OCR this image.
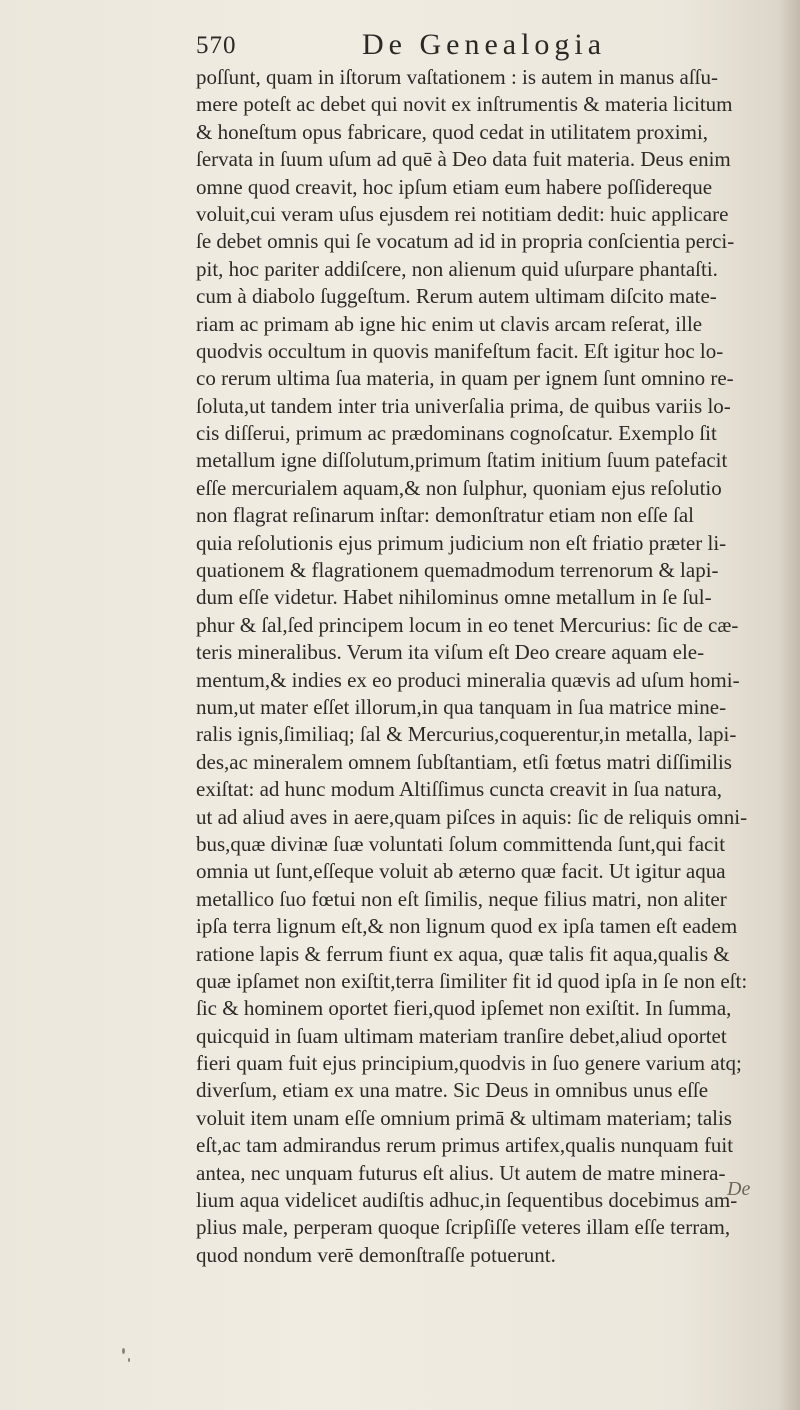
570	De Genealogia
poſſunt, quam in iſtorum vaſtationem : is autem in manus aſſu-
mere poteſt ac debet qui novit ex inſtrumentis & materia licitum
& honeſtum opus fabricare, quod cedat in utilitatem proximi,
ſervata in ſuum uſum ad quē à Deo data fuit materia. Deus enim
omne quod creavit, hoc ipſum etiam eum habere poſſidereque
voluit,cui veram uſus ejusdem rei notitiam dedit: huic applicare
ſe debet omnis qui ſe vocatum ad id in propria conſcientia perci-
pit, hoc pariter addiſcere, non alienum quid uſurpare phantaſti.
cum à diabolo ſuggeſtum. Rerum autem ultimam diſcito mate-
riam ac primam ab igne hic enim ut clavis arcam reſerat, ille
quodvis occultum in quovis manifeſtum facit. Eſt igitur hoc lo-
co rerum ultima ſua materia, in quam per ignem ſunt omnino re-
ſoluta,ut tandem inter tria univerſalia prima, de quibus variis lo-
cis diſſerui, primum ac prædominans cognoſcatur. Exemplo ſit
metallum igne diſſolutum,primum ſtatim initium ſuum patefacit
eſſe mercurialem aquam,& non ſulphur, quoniam ejus reſolutio
non flagrat reſinarum inſtar: demonſtratur etiam non eſſe ſal
quia reſolutionis ejus primum judicium non eſt friatio præter li-
quationem & flagrationem quemadmodum terrenorum & lapi-
dum eſſe videtur. Habet nihilominus omne metallum in ſe ſul-
phur & ſal,ſed principem locum in eo tenet Mercurius: ſic de cæ-
teris mineralibus. Verum ita viſum eſt Deo creare aquam ele-
mentum,& indies ex eo produci mineralia quævis ad uſum homi-
num,ut mater eſſet illorum,in qua tanquam in ſua matrice mine-
ralis ignis,ſimiliaq; ſal & Mercurius,coquerentur,in metalla, lapi-
des,ac mineralem omnem ſubſtantiam, etſi fœtus matri diſſimilis
exiſtat: ad hunc modum Altiſſimus cuncta creavit in ſua natura,
ut ad aliud aves in aere,quam piſces in aquis: ſic de reliquis omni-
bus,quæ divinæ ſuæ voluntati ſolum committenda ſunt,qui facit
omnia ut ſunt,eſſeque voluit ab æterno quæ facit. Ut igitur aqua
metallico ſuo fœtui non eſt ſimilis, neque filius matri, non aliter
ipſa terra lignum eſt,& non lignum quod ex ipſa tamen eſt eadem
ratione lapis & ferrum fiunt ex aqua, quæ talis fit aqua,qualis &
quæ ipſamet non exiſtit,terra ſimiliter fit id quod ipſa in ſe non eſt:
ſic & hominem oportet fieri,quod ipſemet non exiſtit. In ſumma,
quicquid in ſuam ultimam materiam tranſire debet,aliud oportet
fieri quam fuit ejus principium,quodvis in ſuo genere varium atq;
diverſum, etiam ex una matre. Sic Deus in omnibus unus eſſe
voluit item unam eſſe omnium primā & ultimam materiam; talis
eſt,ac tam admirandus rerum primus artifex,qualis nunquam fuit
antea, nec unquam futurus eſt alius. Ut autem de matre minera-
lium aqua videlicet audiſtis adhuc,in ſequentibus docebimus am-
plius male, perperam quoque ſcripſiſſe veteres illam eſſe terram,
quod nondum verē demonſtraſſe potuerunt.
De
